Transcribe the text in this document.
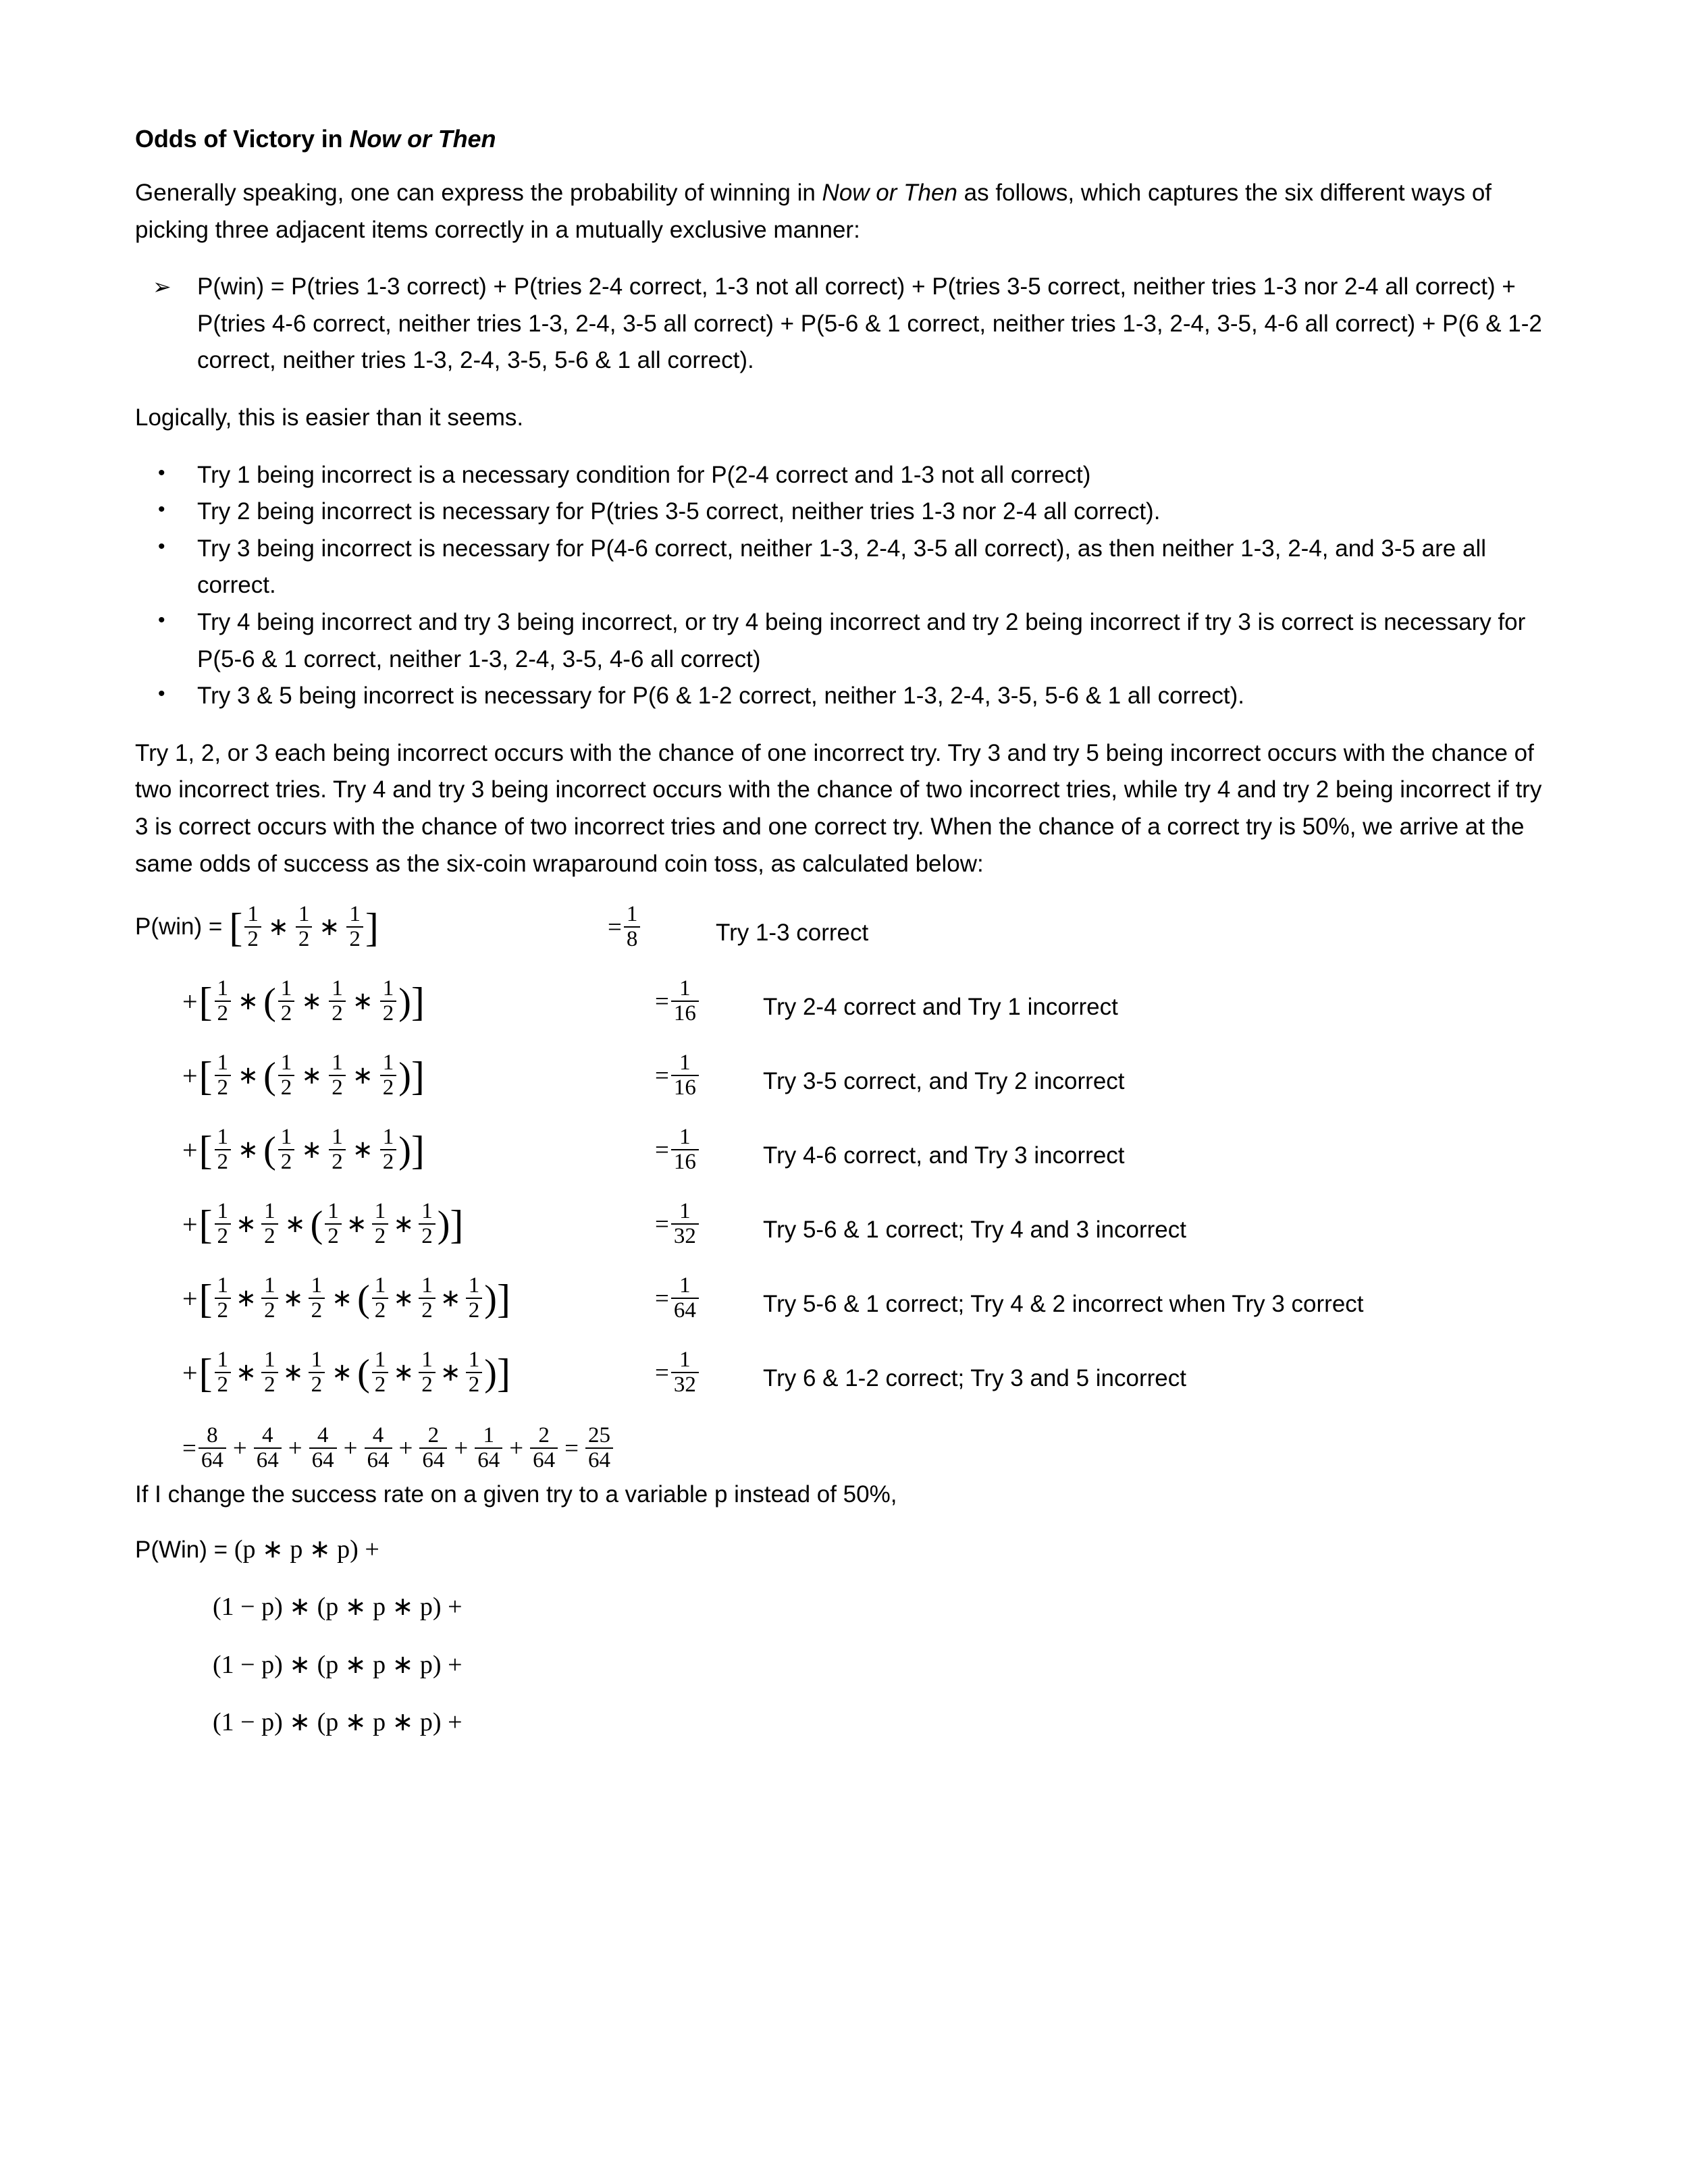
Odds of Victory in Now or Then

Generally speaking, one can express the probability of winning in Now or Then as follows, which captures the six different ways of picking three adjacent items correctly in a mutually exclusive manner:

➢ P(win) = P(tries 1-3 correct) + P(tries 2-4 correct, 1-3 not all correct) + P(tries 3-5 correct, neither tries 1-3 nor 2-4 all correct) + P(tries 4-6 correct, neither tries 1-3, 2-4, 3-5 all correct) + P(5-6 & 1 correct, neither tries 1-3, 2-4, 3-5, 4-6 all correct) + P(6 & 1-2 correct, neither tries 1-3, 2-4, 3-5, 5-6 & 1 all correct).

Logically, this is easier than it seems.

• Try 1 being incorrect is a necessary condition for P(2-4 correct and 1-3 not all correct)
• Try 2 being incorrect is necessary for P(tries 3-5 correct, neither tries 1-3 nor 2-4 all correct).
• Try 3 being incorrect is necessary for P(4-6 correct, neither 1-3, 2-4, 3-5 all correct), as then neither 1-3, 2-4, and 3-5 are all correct.
• Try 4 being incorrect and try 3 being incorrect, or try 4 being incorrect and try 2 being incorrect if try 3 is correct is necessary for P(5-6 & 1 correct, neither 1-3, 2-4, 3-5, 4-6 all correct)
• Try 3 & 5 being incorrect is necessary for P(6 & 1-2 correct, neither 1-3, 2-4, 3-5, 5-6 & 1 all correct).

Try 1, 2, or 3 each being incorrect occurs with the chance of one incorrect try. Try 3 and try 5 being incorrect occurs with the chance of two incorrect tries. Try 4 and try 3 being incorrect occurs with the chance of two incorrect tries, while try 4 and try 2 being incorrect if try 3 is correct occurs with the chance of two incorrect tries and one correct try. When the chance of a correct try is 50%, we arrive at the same odds of success as the six-coin wraparound coin toss, as calculated below:

P(win) = [ $\frac{1}{2}$ ∗ $\frac{1}{2}$ ∗ $\frac{1}{2}$ ]	= $\frac{1}{8}$	Try 1-3 correct
+ [ $\frac{1}{2}$ ∗ ( $\frac{1}{2}$ ∗ $\frac{1}{2}$ ∗ $\frac{1}{2}$ ) ]	= $\frac{1}{16}$	Try 2-4 correct and Try 1 incorrect
+ [ $\frac{1}{2}$ ∗ ( $\frac{1}{2}$ ∗ $\frac{1}{2}$ ∗ $\frac{1}{2}$ ) ]	= $\frac{1}{16}$	Try 3-5 correct, and Try 2 incorrect
+ [ $\frac{1}{2}$ ∗ ( $\frac{1}{2}$ ∗ $\frac{1}{2}$ ∗ $\frac{1}{2}$ ) ]	= $\frac{1}{16}$	Try 4-6 correct, and Try 3 incorrect
+ [ $\frac{1}{2}$ ∗ $\frac{1}{2}$ ∗ ( $\frac{1}{2}$ ∗ $\frac{1}{2}$ ∗ $\frac{1}{2}$ ) ]	= $\frac{1}{32}$	Try 5-6 & 1 correct; Try 4 and 3 incorrect
+ [ $\frac{1}{2}$ ∗ $\frac{1}{2}$ ∗ $\frac{1}{2}$ ∗ ( $\frac{1}{2}$ ∗ $\frac{1}{2}$ ∗ $\frac{1}{2}$ ) ]	= $\frac{1}{64}$	Try 5-6 & 1 correct; Try 4 & 2 incorrect when Try 3 correct
+ [ $\frac{1}{2}$ ∗ $\frac{1}{2}$ ∗ $\frac{1}{2}$ ∗ ( $\frac{1}{2}$ ∗ $\frac{1}{2}$ ∗ $\frac{1}{2}$ ) ]	= $\frac{1}{32}$	Try 6 & 1-2 correct; Try 3 and 5 incorrect
= $\frac{8}{64} + \frac{4}{64} + \frac{4}{64} + \frac{4}{64} + \frac{2}{64} + \frac{1}{64} + \frac{2}{64} = \frac{25}{64}$

If I change the success rate on a given try to a variable p instead of 50%,

P(Win) = (p ∗ p ∗ p) +
(1 − p) ∗ (p ∗ p ∗ p) +
(1 − p) ∗ (p ∗ p ∗ p) +
(1 − p) ∗ (p ∗ p ∗ p) +
